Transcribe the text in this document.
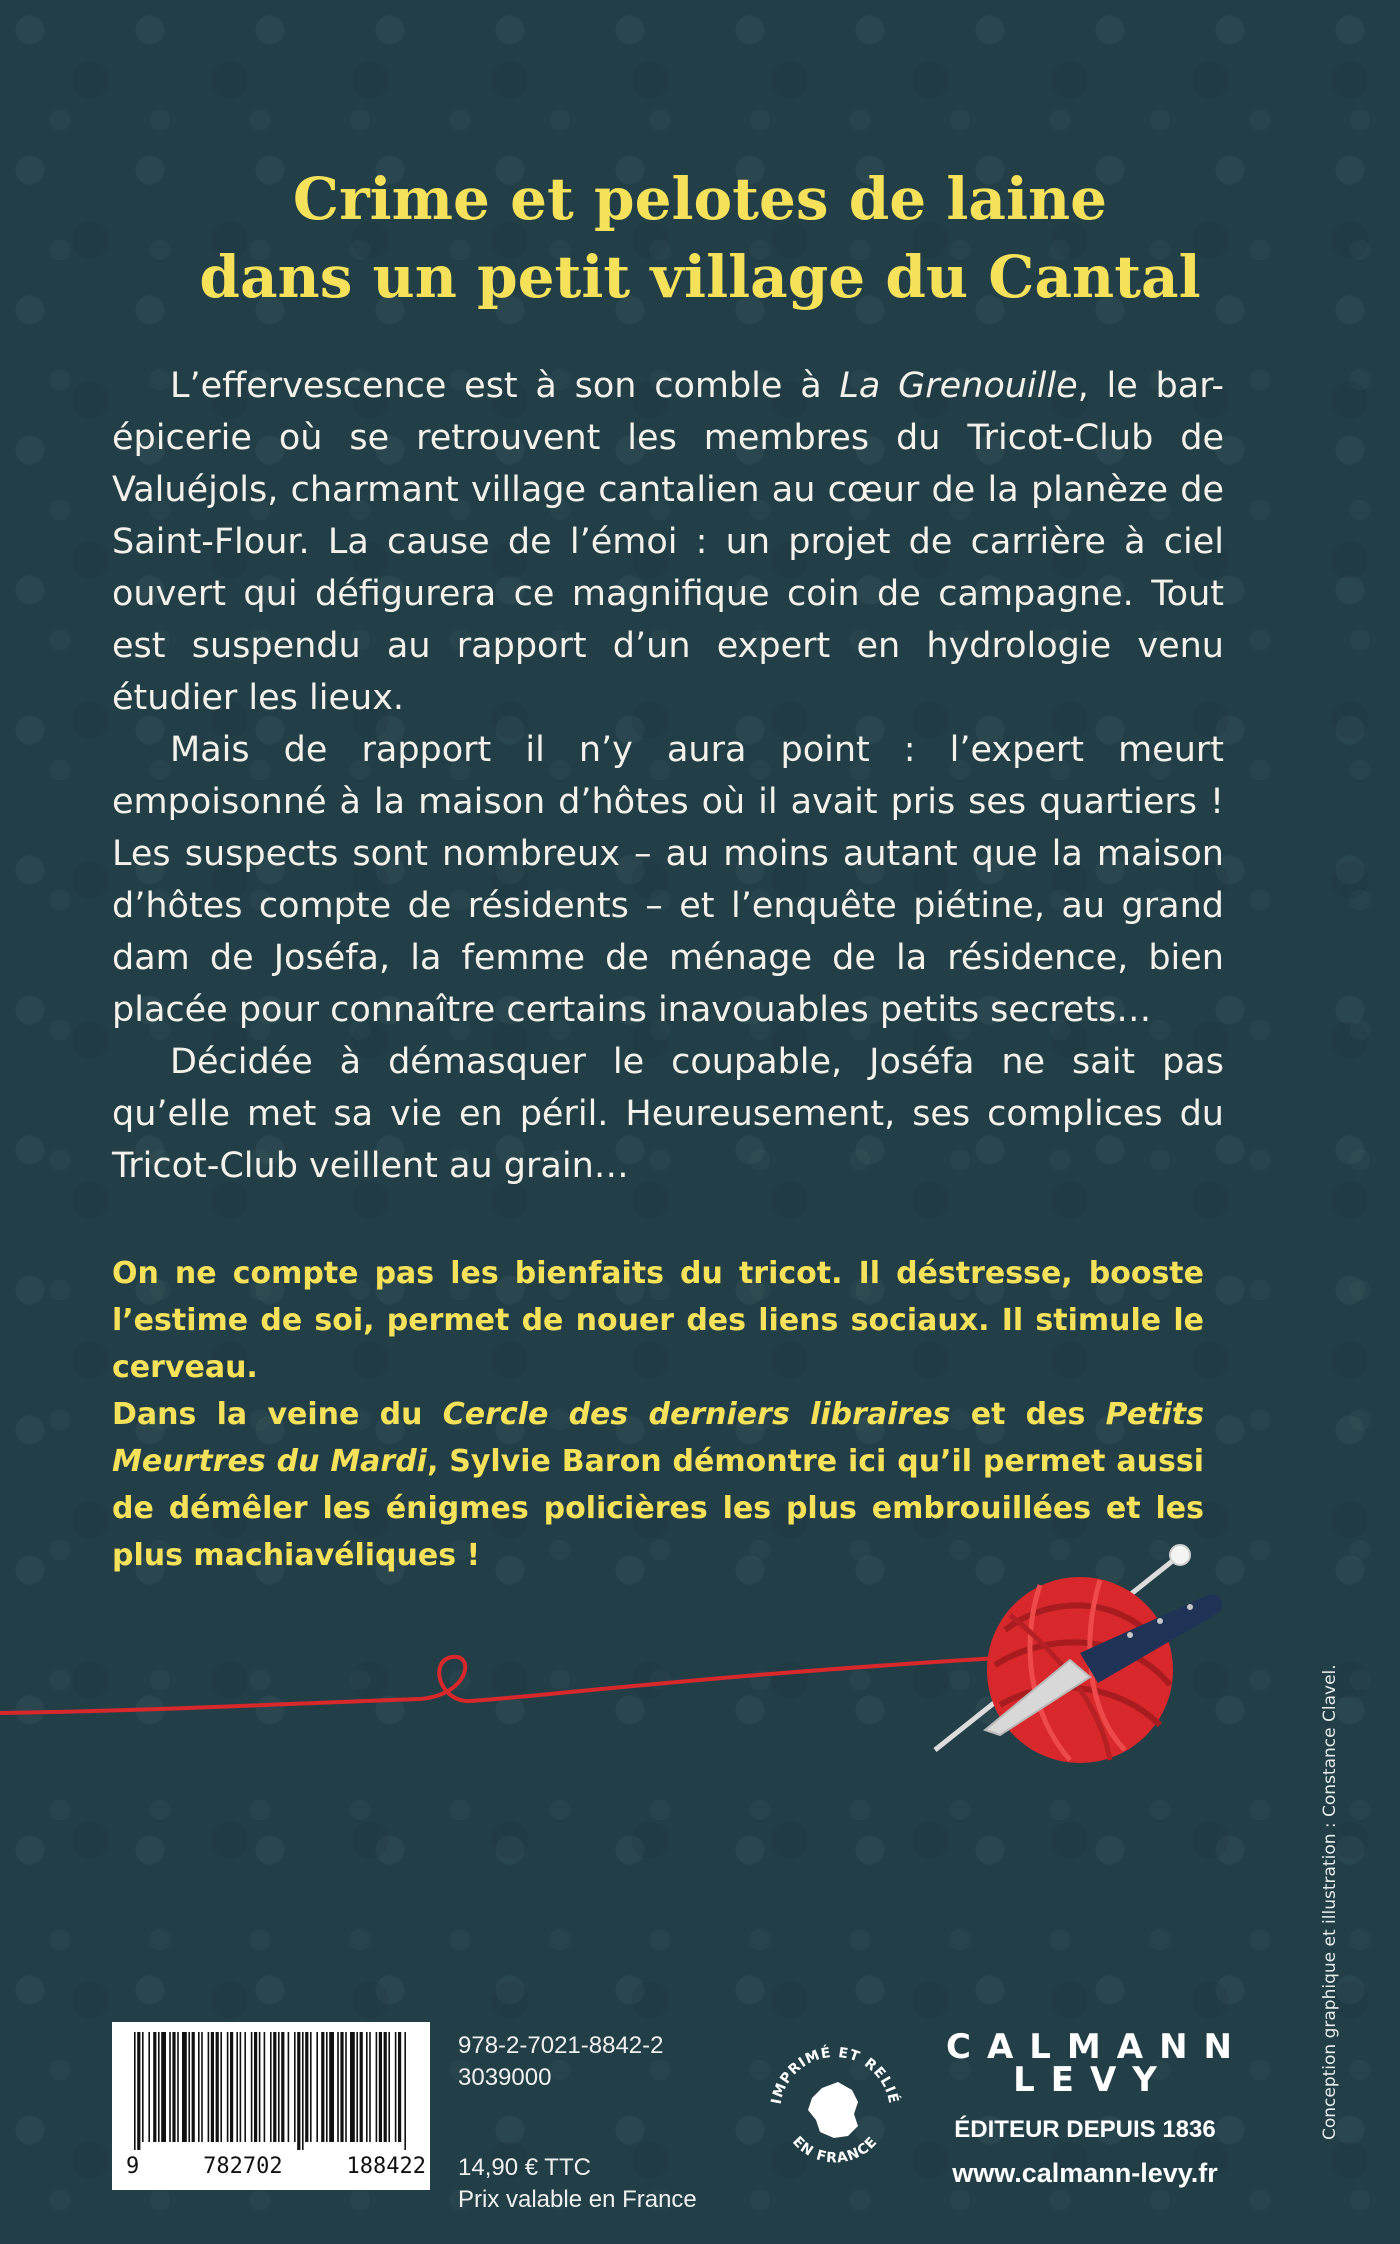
Crime et pelotes de laine
dans un petit village du Cantal

L’effervescence est à son comble à La Grenouille, le bar-épicerie où se retrouvent les membres du Tricot-Club de Valuéjols, charmant village cantalien au cœur de la planèze de Saint-Flour. La cause de l’émoi : un projet de carrière à ciel ouvert qui défigurera ce magnifique coin de campagne. Tout est suspendu au rapport d’un expert en hydrologie venu étudier les lieux.

Mais de rapport il n’y aura point : l’expert meurt empoisonné à la maison d’hôtes où il avait pris ses quartiers ! Les suspects sont nombreux – au moins autant que la maison d’hôtes compte de résidents – et l’enquête piétine, au grand dam de Joséfa, la femme de ménage de la résidence, bien placée pour connaître certains inavouables petits secrets…

Décidée à démasquer le coupable, Joséfa ne sait pas qu’elle met sa vie en péril. Heureusement, ses complices du Tricot-Club veillent au grain…

On ne compte pas les bienfaits du tricot. Il déstresse, booste l’estime de soi, permet de nouer des liens sociaux. Il stimule le cerveau.

Dans la veine du Cercle des derniers libraires et des Petits Meurtres du Mardi, Sylvie Baron démontre ici qu’il permet aussi de démêler les énigmes policières les plus embrouillées et les plus machiavéliques !

Conception graphique et illustration : Constance Clavel.
9	782702	188422
978-2-7021-8842-2
3039000
14,90 € TTC
Prix valable en France
IMPRIMÉ ET RELIÉ
EN FRANCE
CALMANN
LEVY
ÉDITEUR DEPUIS 1836
www.calmann-levy.fr
